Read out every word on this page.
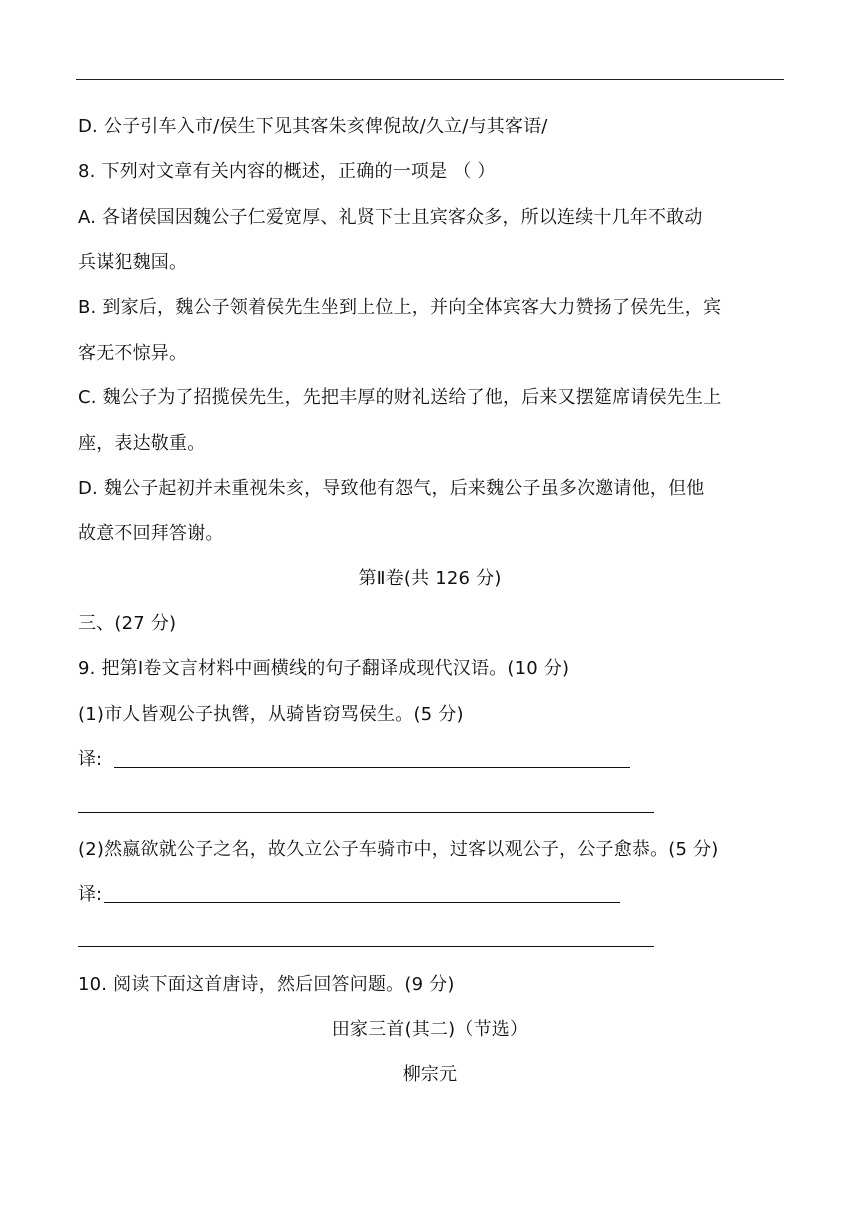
D. 公子引车入市/侯生下见其客朱亥俾倪故/久立/与其客语/
8. 下列对文章有关内容的概述，正确的一项是 （ ）
A. 各诸侯国因魏公子仁爱宽厚、礼贤下士且宾客众多，所以连续十几年不敢动
兵谋犯魏国。
B. 到家后，魏公子领着侯先生坐到上位上，并向全体宾客大力赞扬了侯先生，宾
客无不惊异。
C. 魏公子为了招揽侯先生，先把丰厚的财礼送给了他，后来又摆筵席请侯先生上
座，表达敬重。
D. 魏公子起初并未重视朱亥，导致他有怨气，后来魏公子虽多次邀请他，但他
故意不回拜答谢。
第Ⅱ卷(共 126 分)
三、(27 分)
9. 把第Ⅰ卷文言材料中画横线的句子翻译成现代汉语。(10 分)
(1)市人皆观公子执辔，从骑皆窃骂侯生。(5 分)
译:
(2)然嬴欲就公子之名，故久立公子车骑市中，过客以观公子，公子愈恭。(5 分)
译:
10. 阅读下面这首唐诗，然后回答问题。(9 分)
田家三首(其二)（节选）
柳宗元
